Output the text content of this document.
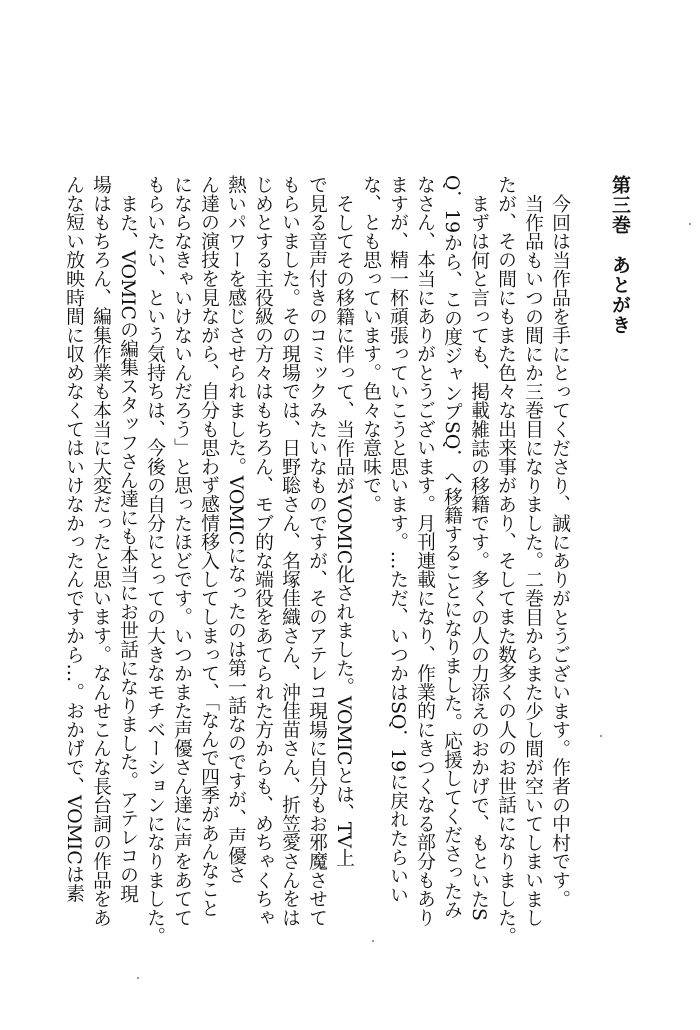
第三巻　あとがき

今回は当作品を手にとってくださり、誠にありがとうございます。作者の中村です。

当作品もいつの間にか三巻目になりました。二巻目からまた少し間が空いてしまいまし

たが、その間にもまた色々な出来事があり、そしてまた数多くの人のお世話になりました。

まずは何と言っても、掲載雑誌の移籍です。多くの人の力添えのおかげで、もといたS

Q．19から、この度ジャンプSQ．へ移籍することになりました。応援してくださったみ

なさん、本当にありがとうございます。月刊連載になり、作業的にきつくなる部分もあり

ますが、精一杯頑張っていこうと思います。…ただ、いつかはSQ．19に戻れたらいい

な、とも思っています。色々な意味で。

そしてその移籍に伴って、当作品がVOMIC化されました。VOMICとは、TV上

で見る音声付きのコミックみたいなものですが、そのアテレコ現場に自分もお邪魔させて

もらいました。その現場では、日野聡さん、名塚佳織さん、沖佳苗さん、折笠愛さんをは

じめとする主役級の方々はもちろん、モブ的な端役をあてられた方からも、めちゃくちゃ

熱いパワーを感じさせられました。VOMICになったのは第一話なのですが、声優さ

ん達の演技を見ながら、自分も思わず感情移入してしまって、「なんで四季があんなこと

にならなきゃいけないんだろう」と思ったほどです。いつかまた声優さん達に声をあてて

もらいたい、という気持ちは、今後の自分にとっての大きなモチベーションになりました。

また、VOMICの編集スタッフさん達にも本当にお世話になりました。アテレコの現

場はもちろん、編集作業も本当に大変だったと思います。なんせこんな長台詞の作品をあ

んな短い放映時間に収めなくてはいけなかったんですから…。おかげで、VOMICは素
